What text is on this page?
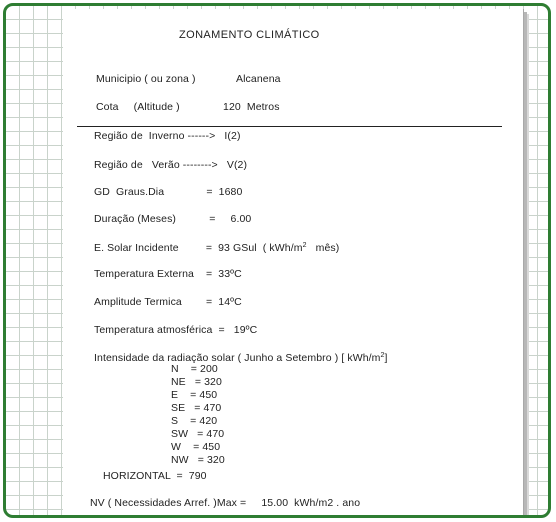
ZONAMENTO CLIMÁTICO
Municipio ( ou zona )	Alcanena
Cota     (Altitude )	120  Metros
Região de  Inverno ------>   I(2)
Região de   Verão -------->   V(2)
GD  Graus.Dia              =  1680
Duração (Meses)           =     6.00
E. Solar Incidente         =  93 GSul  ( kWh/$m^2$   mês)
Temperatura Externa    =  33ºC
Amplitude Termica        =  14ºC
Temperatura atmosférica  =   19ºC
Intensidade da radiação solar ( Junho a Setembro ) [ kWh/$m^2$]
N    = 200
NE   = 320
E    = 450
SE   = 470
S    = 420
SW   = 470
W    = 450
NW   = 320
HORIZONTAL  =  790
NV ( Necessidades Arref. )Max =     15.00  kWh/m2 . ano
